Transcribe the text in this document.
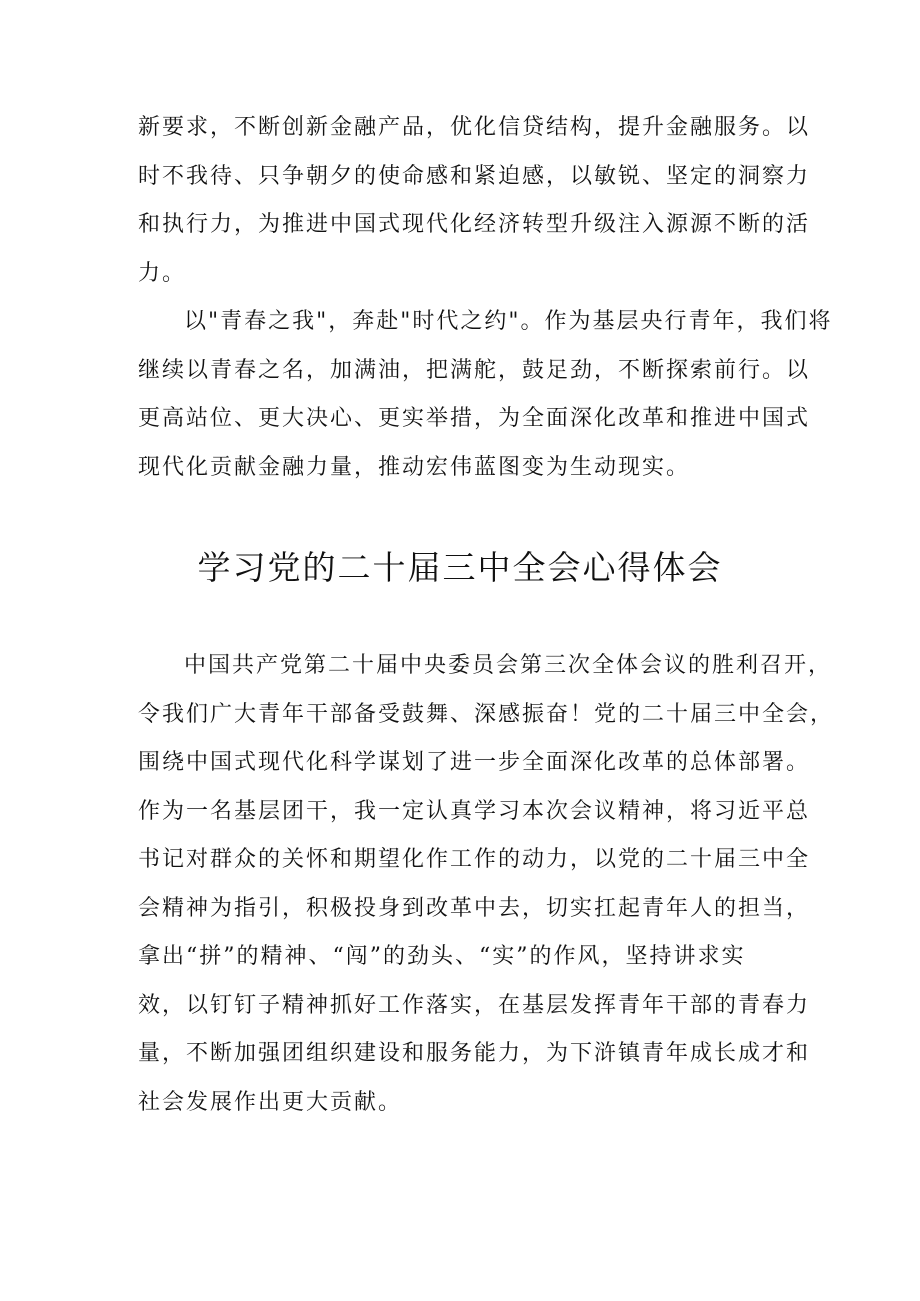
新要求，不断创新金融产品，优化信贷结构，提升金融服务。以
时不我待、只争朝夕的使命感和紧迫感，以敏锐、坚定的洞察力
和执行力，为推进中国式现代化经济转型升级注入源源不断的活
力。
以"青春之我"，奔赴"时代之约"。作为基层央行青年，我们将
继续以青春之名，加满油，把满舵，鼓足劲，不断探索前行。以
更高站位、更大决心、更实举措，为全面深化改革和推进中国式
现代化贡献金融力量，推动宏伟蓝图变为生动现实。
学习党的二十届三中全会心得体会
中国共产党第二十届中央委员会第三次全体会议的胜利召开，
令我们广大青年干部备受鼓舞、深感振奋！党的二十届三中全会，
围绕中国式现代化科学谋划了进一步全面深化改革的总体部署。
作为一名基层团干，我一定认真学习本次会议精神，将习近平总
书记对群众的关怀和期望化作工作的动力，以党的二十届三中全
会精神为指引，积极投身到改革中去，切实扛起青年人的担当，
拿出“拼”的精神、“闯”的劲头、“实”的作风，坚持讲求实
效，以钉钉子精神抓好工作落实，在基层发挥青年干部的青春力
量，不断加强团组织建设和服务能力，为下浒镇青年成长成才和
社会发展作出更大贡献。
